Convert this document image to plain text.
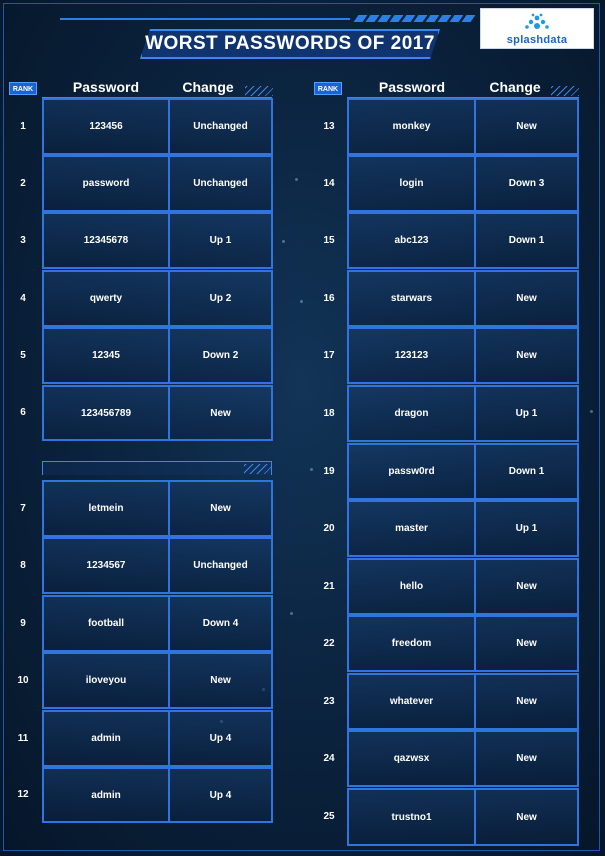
WORST PASSWORDS OF 2017	splashdata
RANK	Password	Change	RANK	Password	Change
1	123456	Unchanged
2	password	Unchanged
3	12345678	Up 1
4	qwerty	Up 2
5	12345	Down 2
6	123456789	New
7	letmein	New
8	1234567	Unchanged
9	football	Down 4
10	iloveyou	New
11	admin	Up 4
12	admin	Up 4
13	monkey	New
14	login	Down 3
15	abc123	Down 1
16	starwars	New
17	123123	New
18	dragon	Up 1
19	passw0rd	Down 1
20	master	Up 1
21	hello	New
22	freedom	New
23	whatever	New
24	qazwsx	New
25	trustno1	New
